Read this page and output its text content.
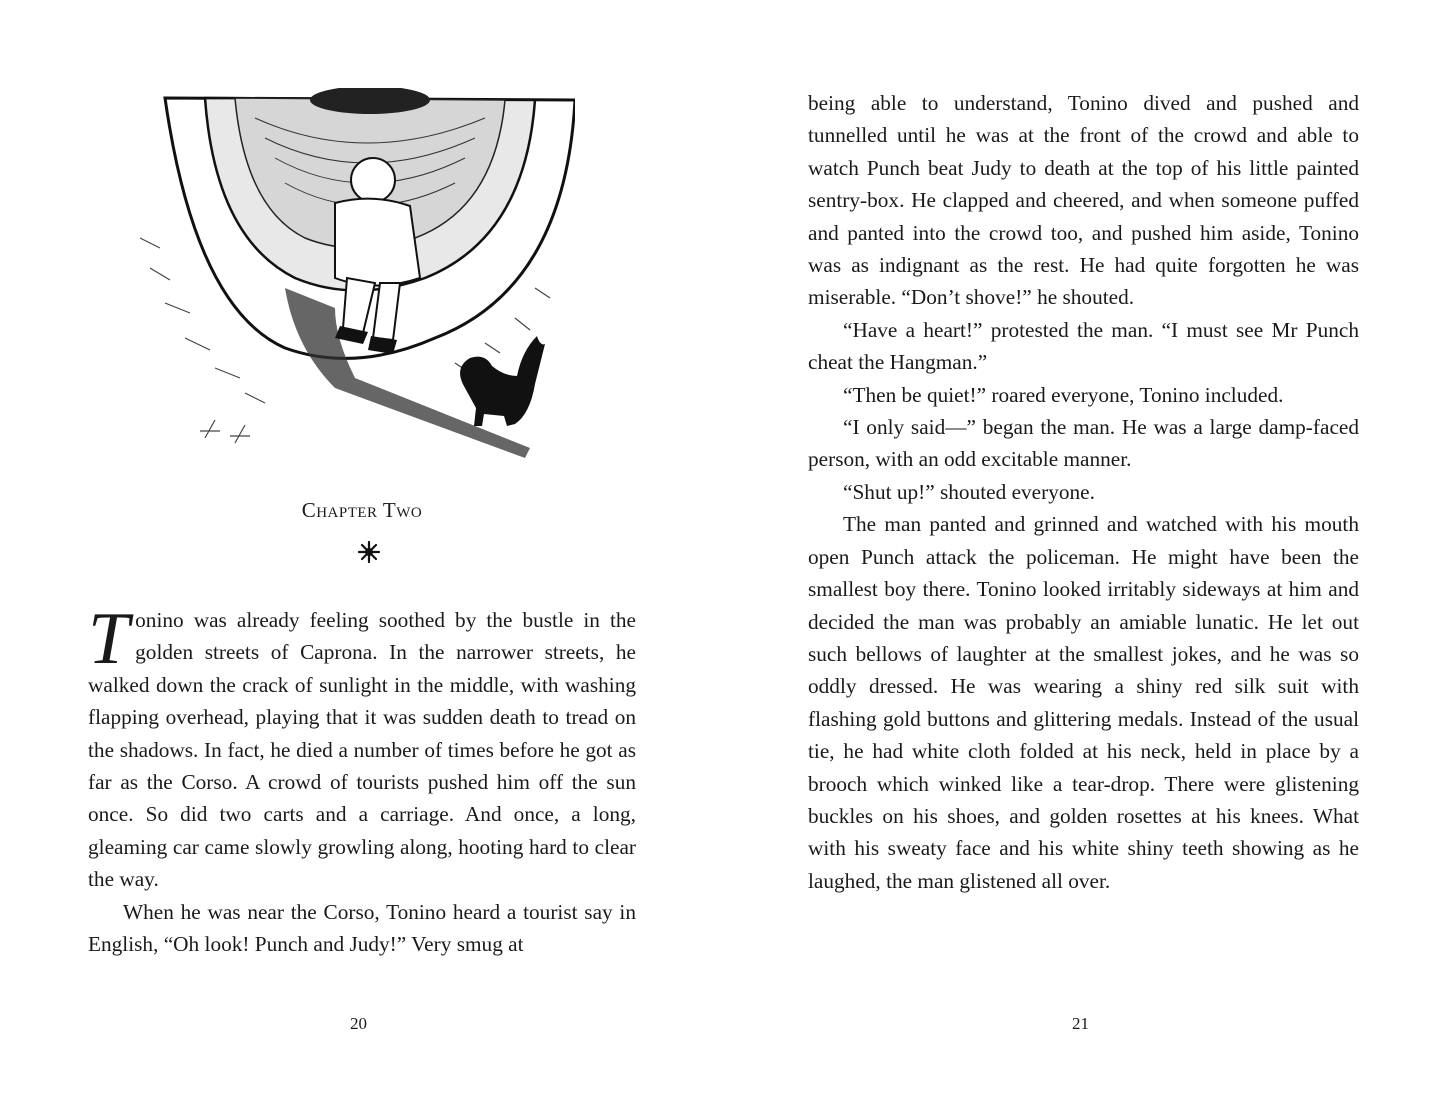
Chapter Two

Tonino was already feeling soothed by the bustle in the golden streets of Caprona. In the narrower streets, he walked down the crack of sunlight in the middle, with washing flapping overhead, playing that it was sudden death to tread on the shadows. In fact, he died a number of times before he got as far as the Corso. A crowd of tourists pushed him off the sun once. So did two carts and a carriage. And once, a long, gleaming car came slowly growling along, hooting hard to clear the way.

When he was near the Corso, Tonino heard a tourist say in English, “Oh look! Punch and Judy!” Very smug at

20

being able to understand, Tonino dived and pushed and tunnelled until he was at the front of the crowd and able to watch Punch beat Judy to death at the top of his little painted sentry-box. He clapped and cheered, and when someone puffed and panted into the crowd too, and pushed him aside, Tonino was as indignant as the rest. He had quite forgotten he was miserable. “Don’t shove!” he shouted.

“Have a heart!” protested the man. “I must see Mr Punch cheat the Hangman.”

“Then be quiet!” roared everyone, Tonino included.

“I only said—” began the man. He was a large damp-faced person, with an odd excitable manner.

“Shut up!” shouted everyone.

The man panted and grinned and watched with his mouth open Punch attack the policeman. He might have been the smallest boy there. Tonino looked irritably sideways at him and decided the man was probably an amiable lunatic. He let out such bellows of laughter at the smallest jokes, and he was so oddly dressed. He was wearing a shiny red silk suit with flashing gold buttons and glittering medals. Instead of the usual tie, he had white cloth folded at his neck, held in place by a brooch which winked like a tear-drop. There were glistening buckles on his shoes, and golden rosettes at his knees. What with his sweaty face and his white shiny teeth showing as he laughed, the man glistened all over.

21
